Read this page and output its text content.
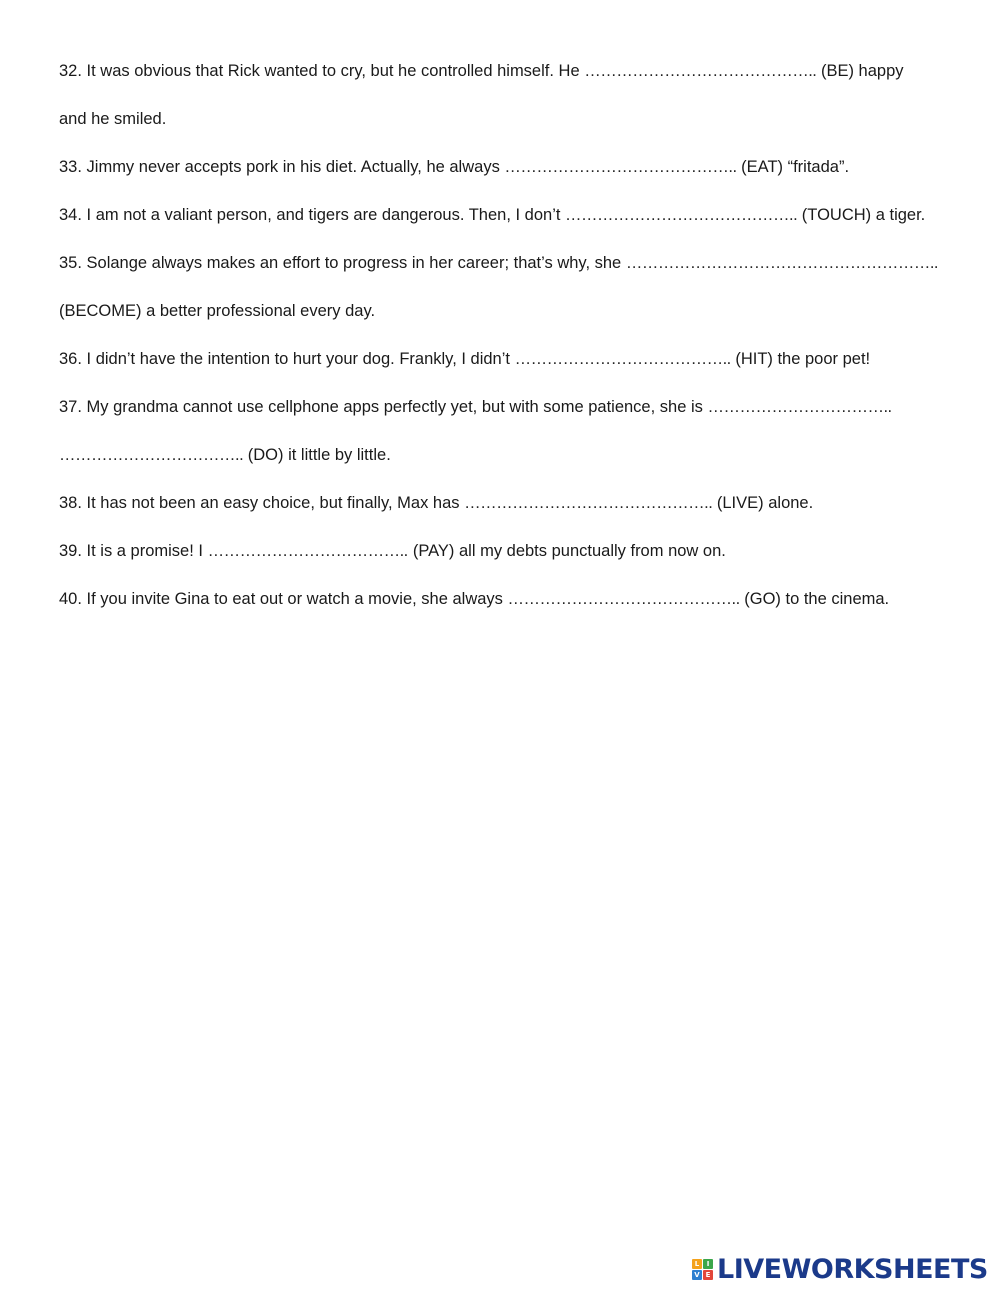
32. It was obvious that Rick wanted to cry, but he controlled himself. He …………………………………….. (BE) happy
and he smiled.
33. Jimmy never accepts pork in his diet. Actually, he always …………………………………….. (EAT) “fritada”.
34. I am not a valiant person, and tigers are dangerous. Then, I don’t …………………………………….. (TOUCH) a tiger.
35. Solange always makes an effort to progress in her career; that’s why, she …………………………………………………..
(BECOME) a better professional every day.
36. I didn’t have the intention to hurt your dog. Frankly, I didn’t ………………………………….. (HIT) the poor pet!
37. My grandma cannot use cellphone apps perfectly yet, but with some patience, she is ……………………………..
…………………………….. (DO) it little by little.
38. It has not been an easy choice, but finally, Max has ……………………………………….. (LIVE) alone.
39. It is a promise! I ……………………………….. (PAY) all my debts punctually from now on.
40. If you invite Gina to eat out or watch a movie, she always …………………………………….. (GO) to the cinema.
L	I
V E LIVEWORKSHEETS
